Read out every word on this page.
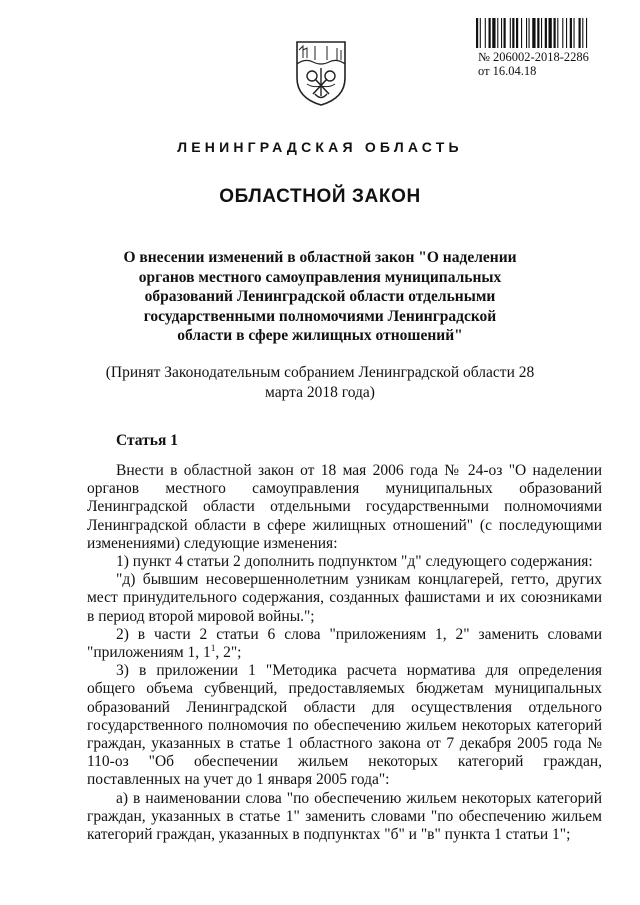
№ 206002-2018-2286
от 16.04.18
ЛЕНИНГРАДСКАЯ ОБЛАСТЬ
ОБЛАСТНОЙ ЗАКОН
О внесении изменений в областной закон "О наделении органов местного самоуправления муниципальных образований Ленинградской области отдельными государственными полномочиями Ленинградской области в сфере жилищных отношений"
(Принят Законодательным собранием Ленинградской области 28 марта 2018 года)
Статья 1

Внести в областной закон от 18 мая 2006 года № 24-оз "О наделении органов местного самоуправления муниципальных образований Ленинградской области отдельными государственными полномочиями Ленинградской области в сфере жилищных отношений" (с последующими изменениями) следующие изменения:

1) пункт 4 статьи 2 дополнить подпунктом "д" следующего содержания:

"д) бывшим несовершеннолетним узникам концлагерей, гетто, других мест принудительного содержания, созданных фашистами и их союзниками в период второй мировой войны.";

2) в части 2 статьи 6 слова "приложениям 1, 2" заменить словами "приложениям 1, $1^1$, 2";

3) в приложении 1 "Методика расчета норматива для определения общего объема субвенций, предоставляемых бюджетам муниципальных образований Ленинградской области для осуществления отдельного государственного полномочия по обеспечению жильем некоторых категорий граждан, указанных в статье 1 областного закона от 7 декабря 2005 года № 110-оз "Об обеспечении жильем некоторых категорий граждан, поставленных на учет до 1 января 2005 года":

а) в наименовании слова "по обеспечению жильем некоторых категорий граждан, указанных в статье 1" заменить словами "по обеспечению жильем категорий граждан, указанных в подпунктах "б" и "в" пункта 1 статьи 1";
